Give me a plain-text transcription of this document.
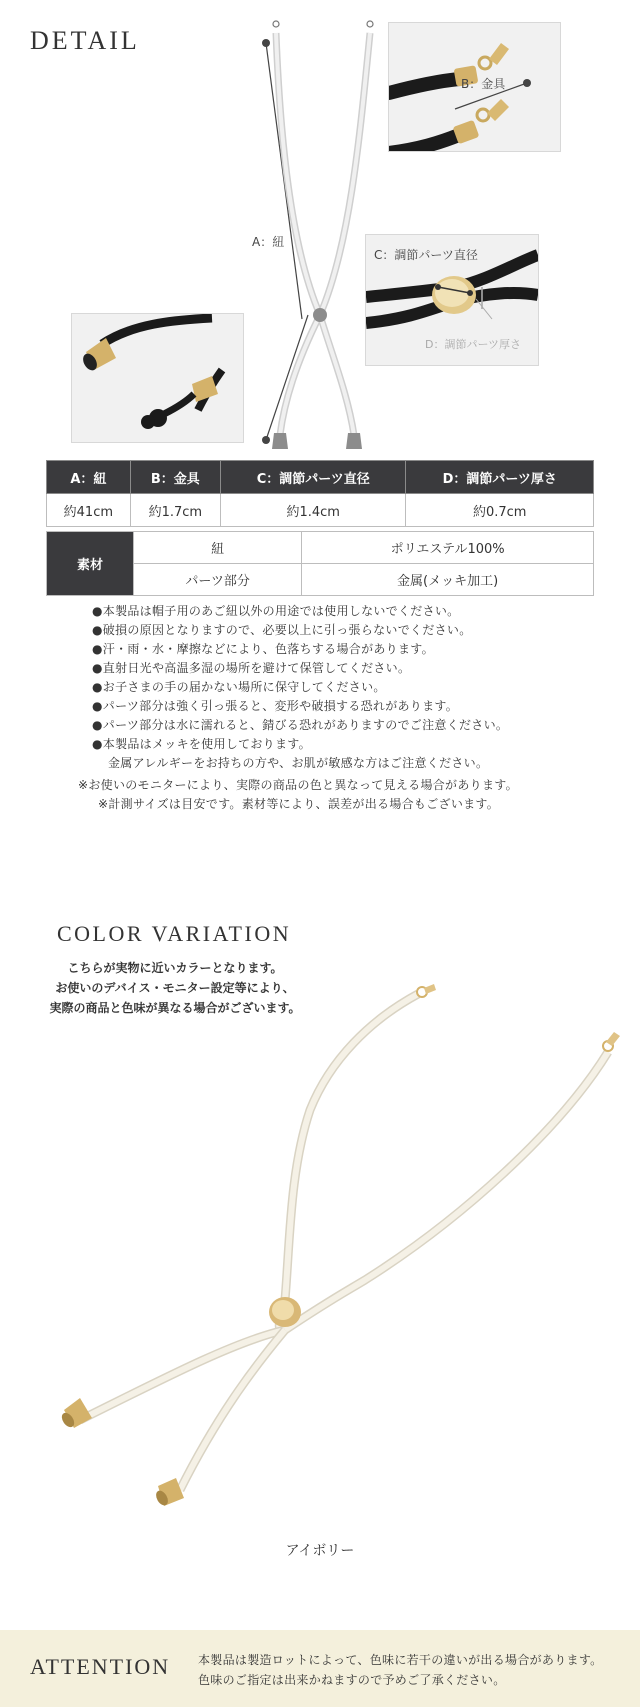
DETAIL
A：紐
B：金具
C：調節パーツ直径
D：調節パーツ厚さ
A：紐	B：金具	C：調節パーツ直径	D：調節パーツ厚さ
約41cm	約1.7cm	約1.4cm	約0.7cm
素材	紐	ポリエステル100%
	パーツ部分	金属(メッキ加工)
●本製品は帽子用のあご紐以外の用途では使用しないでください。
●破損の原因となりますので、必要以上に引っ張らないでください。
●汗・雨・水・摩擦などにより、色落ちする場合があります。
●直射日光や高温多湿の場所を避けて保管してください。
●お子さまの手の届かない場所に保守してください。
●パーツ部分は強く引っ張ると、変形や破損する恐れがあります。
●パーツ部分は水に濡れると、錆びる恐れがありますのでご注意ください。
●本製品はメッキを使用しております。
金属アレルギーをお持ちの方や、お肌が敏感な方はご注意ください。
※お使いのモニターにより、実際の商品の色と異なって見える場合があります。
※計測サイズは目安です。素材等により、誤差が出る場合もございます。
COLOR VARIATION
こちらが実物に近いカラーとなります。
お使いのデバイス・モニター設定等により、
実際の商品と色味が異なる場合がございます。
アイボリー
ATTENTION 本製品は製造ロットによって、色味に若干の違いが出る場合があります。
色味のご指定は出来かねますので予めご了承ください。
